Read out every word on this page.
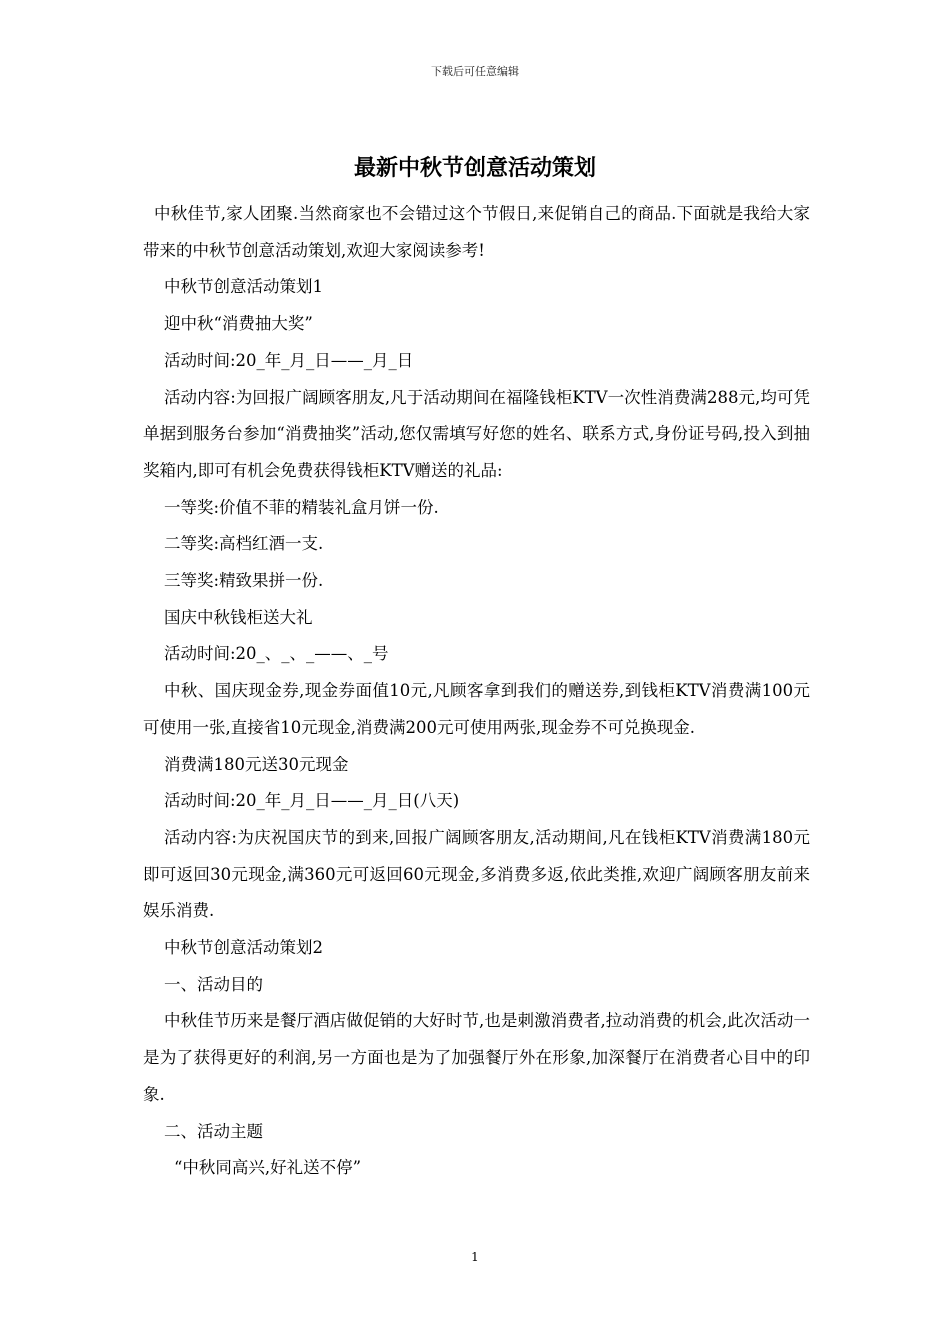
下载后可任意编辑
最新中秋节创意活动策划

中秋佳节,家人团聚.当然商家也不会错过这个节假日,来促销自己的商品.下面就是我给大家带来的中秋节创意活动策划,欢迎大家阅读参考!

中秋节创意活动策划1

迎中秋“消费抽大奖”

活动时间:20_年_月_日——_月_日

活动内容:为回报广阔顾客朋友,凡于活动期间在福隆钱柜KTV一次性消费满288元,均可凭单据到服务台参加“消费抽奖”活动,您仅需填写好您的姓名、联系方式,身份证号码,投入到抽奖箱内,即可有机会免费获得钱柜KTV赠送的礼品:

一等奖:价值不菲的精装礼盒月饼一份.

二等奖:高档红酒一支.

三等奖:精致果拼一份.

国庆中秋钱柜送大礼

活动时间:20_、_、_——、_号

中秋、国庆现金券,现金券面值10元,凡顾客拿到我们的赠送券,到钱柜KTV消费满100元可使用一张,直接省10元现金,消费满200元可使用两张,现金券不可兑换现金.

消费满180元送30元现金

活动时间:20_年_月_日——_月_日(八天)

活动内容:为庆祝国庆节的到来,回报广阔顾客朋友,活动期间,凡在钱柜KTV消费满180元即可返回30元现金,满360元可返回60元现金,多消费多返,依此类推,欢迎广阔顾客朋友前来娱乐消费.

中秋节创意活动策划2

一、活动目的

中秋佳节历来是餐厅酒店做促销的大好时节,也是刺激消费者,拉动消费的机会,此次活动一是为了获得更好的利润,另一方面也是为了加强餐厅外在形象,加深餐厅在消费者心目中的印象.

二、活动主题

“中秋同高兴,好礼送不停”

1
